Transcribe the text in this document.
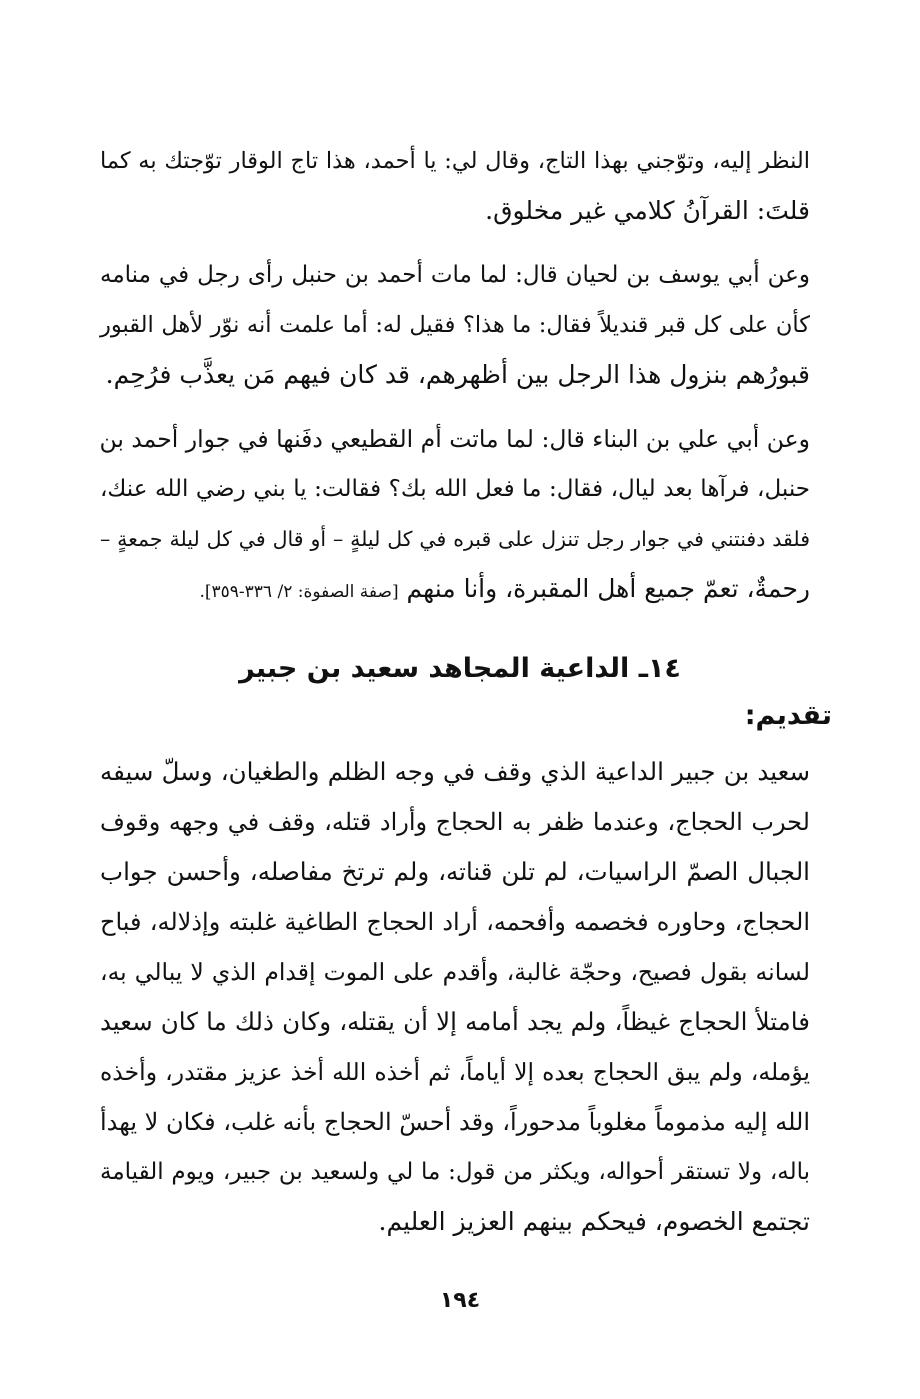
النظر إليه، وتوّجني بهذا التاج، وقال لي: يا أحمد، هذا تاج الوقار توّجتك به كما
قلتَ: القرآنُ كلامي غير مخلوق.
وعن أبي يوسف بن لحيان قال: لما مات أحمد بن حنبل رأى رجل في منامه
كأن على كل قبر قنديلاً فقال: ما هذا؟ فقيل له: أما علمت أنه نوّر لأهل القبور
قبورُهم بنزول هذا الرجل بين أظهرهم، قد كان فيهم مَن يعذَّب فرُحِم.
وعن أبي علي بن البناء قال: لما ماتت أم القطيعي دفَنها في جوار أحمد بن
حنبل، فرآها بعد ليال، فقال: ما فعل الله بك؟ فقالت: يا بني رضي الله عنك،
فلقد دفنتني في جوار رجل تنزل على قبره في كل ليلةٍ – أو قال في كل ليلة جمعةٍ –
رحمةٌ، تعمّ جميع أهل المقبرة، وأنا منهم [صفة الصفوة: ٢/ ٣٣٦-٣٥٩].
١٤ـ الداعية المجاهد سعيد بن جبير
تقديم:
سعيد بن جبير الداعية الذي وقف في وجه الظلم والطغيان، وسلّ سيفه
لحرب الحجاج، وعندما ظفر به الحجاج وأراد قتله، وقف في وجهه وقوف
الجبال الصمّ الراسيات، لم تلن قناته، ولم ترتخ مفاصله، وأحسن جواب
الحجاج، وحاوره فخصمه وأفحمه، أراد الحجاج الطاغية غلبته وإذلاله، فباح
لسانه بقول فصيح، وحجّة غالبة، وأقدم على الموت إقدام الذي لا يبالي به،
فامتلأ الحجاج غيظاً، ولم يجد أمامه إلا أن يقتله، وكان ذلك ما كان سعيد
يؤمله، ولم يبق الحجاج بعده إلا أياماً، ثم أخذه الله أخذ عزيز مقتدر، وأخذه
الله إليه مذموماً مغلوباً مدحوراً، وقد أحسّ الحجاج بأنه غلب، فكان لا يهدأ
باله، ولا تستقر أحواله، ويكثر من قول: ما لي ولسعيد بن جبير، ويوم القيامة
تجتمع الخصوم، فيحكم بينهم العزيز العليم.
١٩٤
